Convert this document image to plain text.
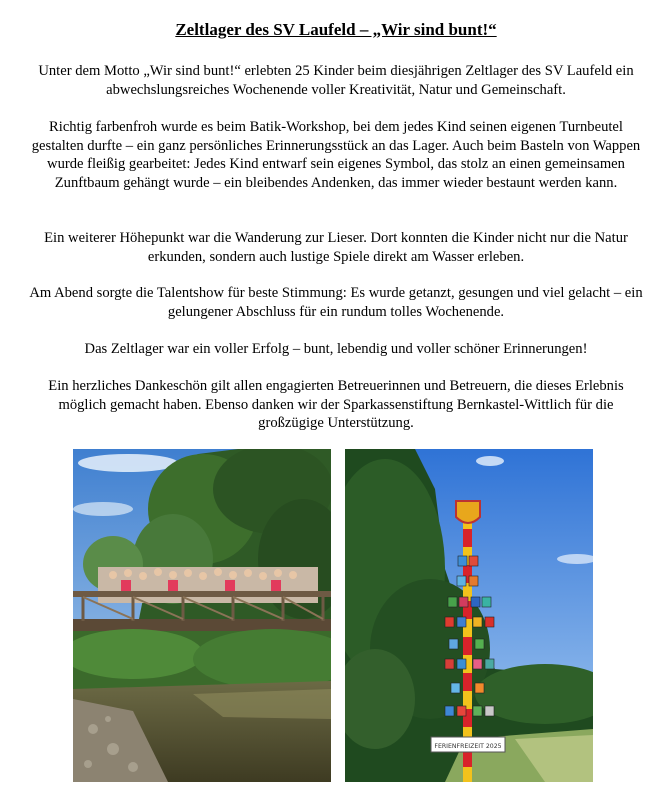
Zeltlager des SV Laufeld – „Wir sind bunt!“

Unter dem Motto „Wir sind bunt!“ erlebten 25 Kinder beim diesjährigen Zeltlager des SV Laufeld ein abwechslungsreiches Wochenende voller Kreativität, Natur und Gemeinschaft.

Richtig farbenfroh wurde es beim Batik-Workshop, bei dem jedes Kind seinen eigenen Turnbeutel gestalten durfte – ein ganz persönliches Erinnerungsstück an das Lager. Auch beim Basteln von Wappen wurde fleißig gearbeitet: Jedes Kind entwarf sein eigenes Symbol, das stolz an einen gemeinsamen Zunftbaum gehängt wurde – ein bleibendes Andenken, das immer wieder bestaunt werden kann.

Ein weiterer Höhepunkt war die Wanderung zur Lieser. Dort konnten die Kinder nicht nur die Natur erkunden, sondern auch lustige Spiele direkt am Wasser erleben.

Am Abend sorgte die Talentshow für beste Stimmung: Es wurde getanzt, gesungen und viel gelacht – ein gelungener Abschluss für ein rundum tolles Wochenende.

Das Zeltlager war ein voller Erfolg – bunt, lebendig und voller schöner Erinnerungen!

Ein herzliches Dankeschön gilt allen engagierten Betreuerinnen und Betreuern, die dieses Erlebnis möglich gemacht haben. Ebenso danken wir der Sparkassenstiftung Bernkastel-Wittlich für die großzügige Unterstützung.

FERIENFREIZEIT 2025
